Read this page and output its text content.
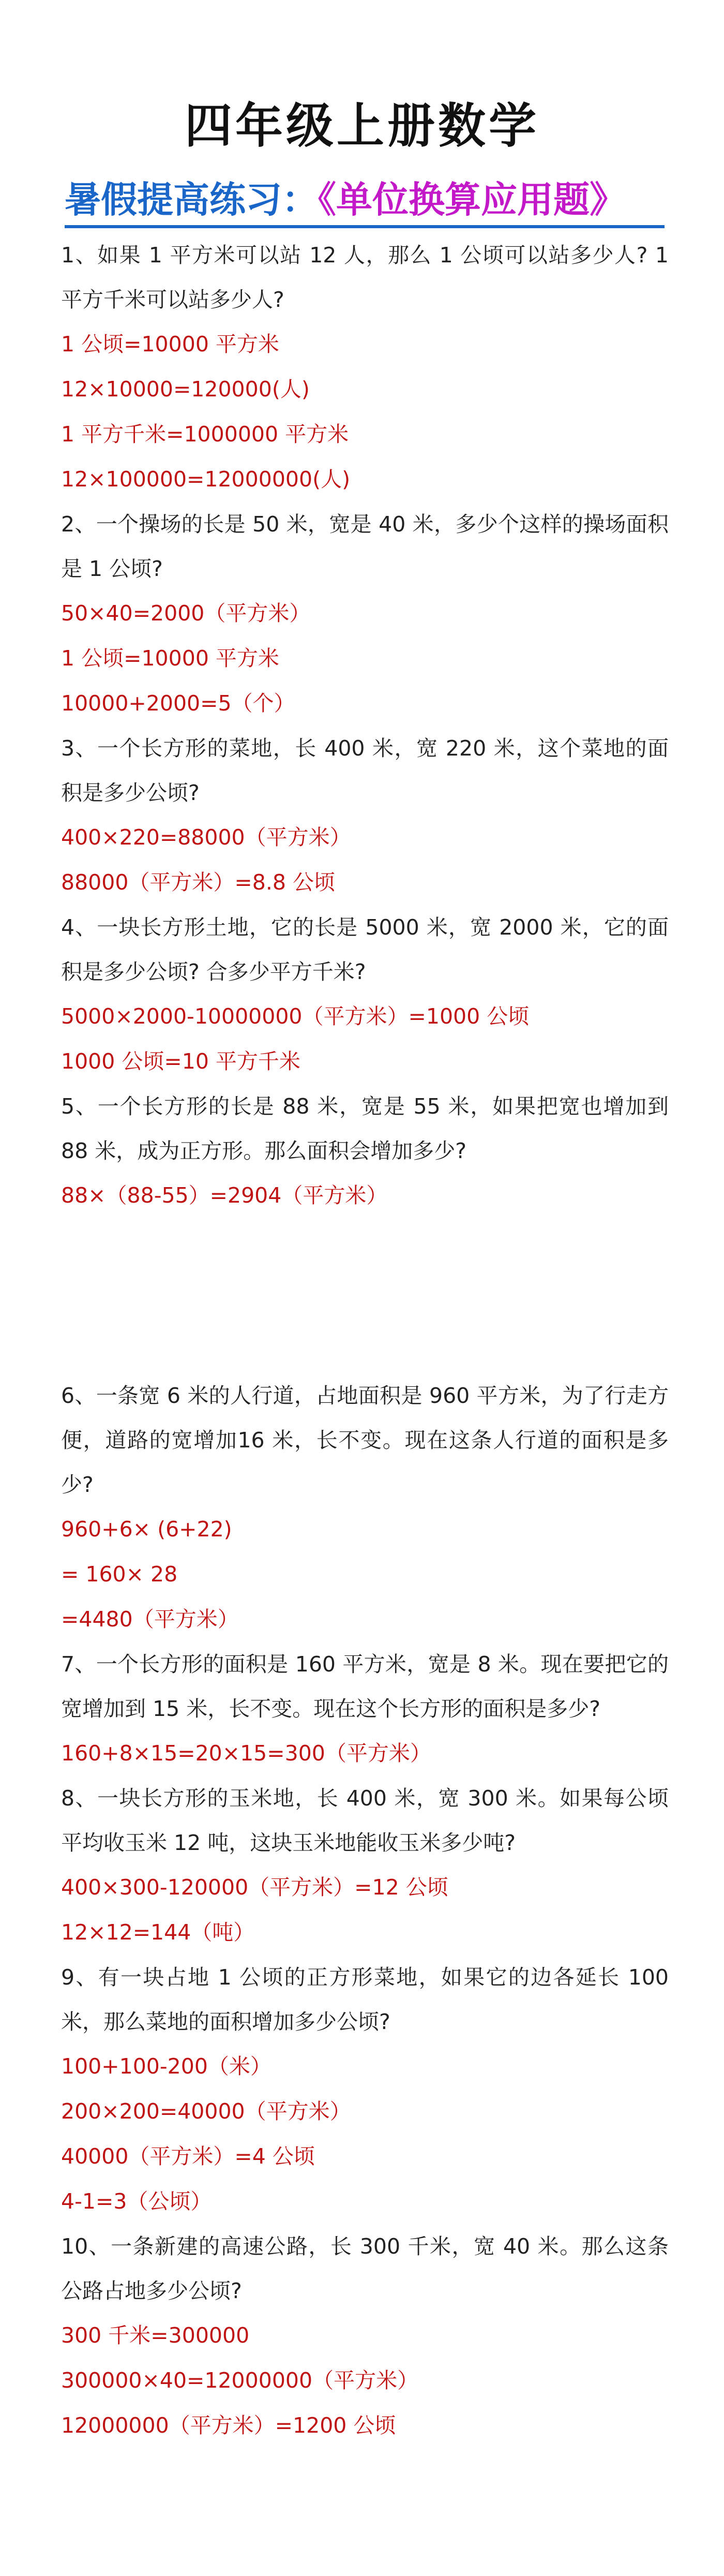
四年级上册数学
暑假提高练习：《单位换算应用题》

1、如果 1 平方米可以站 12 人，那么 1 公顷可以站多少人? 1 平方千米可以站多少人?

1 公顷=10000 平方米

12×10000=120000(人)

1 平方千米=1000000 平方米

12×100000=12000000(人)

2、一个操场的长是 50 米，宽是 40 米，多少个这样的操场面积是 1 公顷?

50×40=2000（平方米）

1 公顷=10000 平方米

10000+2000=5（个）

3、一个长方形的菜地，长 400 米，宽 220 米，这个菜地的面积是多少公顷?

400×220=88000（平方米）

88000（平方米）=8.8 公顷

4、一块长方形土地，它的长是 5000 米，宽 2000 米，它的面积是多少公顷? 合多少平方千米?

5000×2000-10000000（平方米）=1000 公顷

1000 公顷=10 平方千米

5、一个长方形的长是 88 米，宽是 55 米，如果把宽也增加到 88 米，成为正方形。那么面积会增加多少?

88×（88-55）=2904（平方米）

6、一条宽 6 米的人行道，占地面积是 960 平方米，为了行走方便，道路的宽增加16 米，长不变。现在这条人行道的面积是多少?

960+6× (6+22)

= 160× 28

=4480（平方米）

7、一个长方形的面积是 160 平方米，宽是 8 米。现在要把它的宽增加到 15 米，长不变。现在这个长方形的面积是多少?

160+8×15=20×15=300（平方米）

8、一块长方形的玉米地，长 400 米，宽 300 米。如果每公顷平均收玉米 12 吨，这块玉米地能收玉米多少吨?

400×300-120000（平方米）=12 公顷

12×12=144（吨）

9、有一块占地 1 公顷的正方形菜地，如果它的边各延长 100 米，那么菜地的面积增加多少公顷?

100+100-200（米）

200×200=40000（平方米）

40000（平方米）=4 公顷

4-1=3（公顷）

10、一条新建的高速公路，长 300 千米，宽 40 米。那么这条公路占地多少公顷?

300 千米=300000

300000×40=12000000（平方米）

12000000（平方米）=1200 公顷
